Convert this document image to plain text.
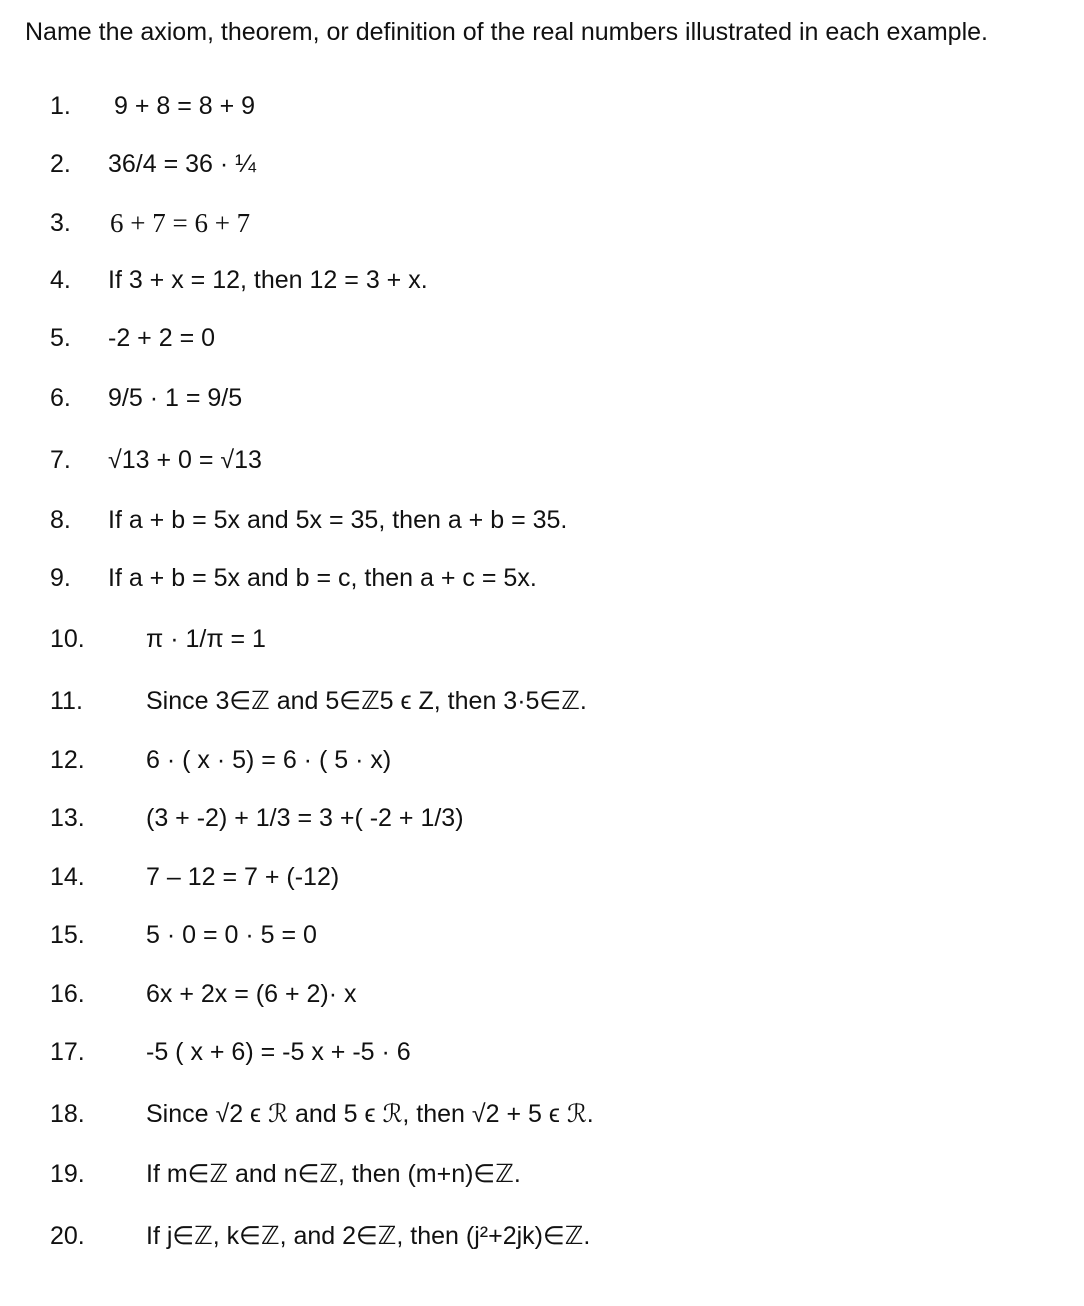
Name the axiom, theorem, or definition of the real numbers illustrated in each example.
1. 9 + 8 = 8 + 9
2. 36/4 = 36 · ¼
3. 6 + 7 = 6 + 7
4. If 3 + x = 12, then 12 = 3 + x.
5. -2 + 2 = 0
6. 9/5 · 1 = 9/5
7. √13 + 0 = √13
8. If a + b = 5x and 5x = 35, then a + b = 35.
9. If a + b = 5x and b = c, then a + c = 5x.
10. π · 1/π = 1
11.	Since 3∈ℤ and 5∈ℤ5 ϵ Z, then 3·5∈ℤ.
12. 6 · ( x · 5) = 6 · ( 5 · x)
13. (3 + -2) + 1/3 = 3 +( -2 + 1/3)
14. 7 – 12 = 7 + (-12)
15. 5 · 0 = 0 · 5 = 0
16. 6x + 2x = (6 + 2)· x
17. -5 ( x + 6) = -5 x + -5 · 6
18. Since √2 ϵ ℛ and 5 ϵ ℛ, then √2 + 5 ϵ ℛ.
19. If m∈ℤ and n∈ℤ, then (m+n)∈ℤ.
20. If j∈ℤ, k∈ℤ, and 2∈ℤ, then (j²+2jk)∈ℤ.
